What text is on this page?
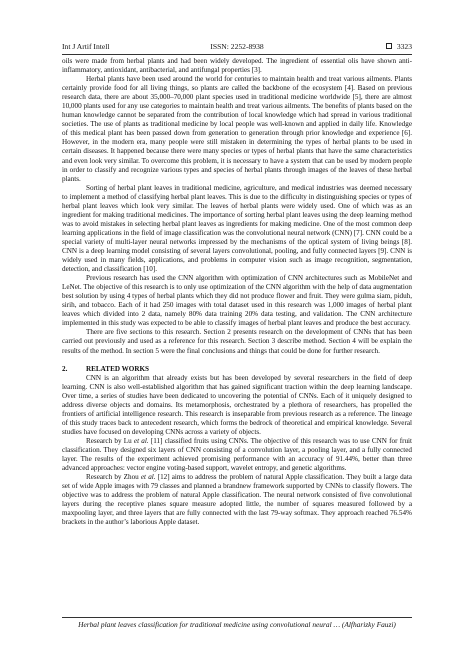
Int J Artif Intell	ISSN: 2252-8938	3323

oils were made from herbal plants and had been widely developed. The ingredient of essential olis have shown anti-inflammatory, antioxidant, antibacterial, and antifungal properties [3].

Herbal plants have been used around the world for centuries to maintain health and treat various ailments. Plants certainly provide food for all living things, so plants are called the backbone of the ecosystem [4]. Based on previous research data, there are about 35,000–70,000 plant species used in traditional medicine worldwide [5], there are almost 10,000 plants used for any use categories to maintain health and treat various ailments. The benefits of plants based on the human knowledge cannot be separated from the contribution of local knowledge which had spread in various traditional societies. The use of plants as traditional medicine by local people was well-known and applied in daily life. Knowledge of this medical plant has been passed down from generation to generation through prior knowledge and experience [6]. However, in the modern era, many people were still mistaken in determining the types of herbal plants to be used in certain diseases. It happened because there were many species or types of herbal plants that have the same characteristics and even look very similar. To overcome this problem, it is necessary to have a system that can be used by modern people in order to classify and recognize various types and species of herbal plants through images of the leaves of these herbal plants.

Sorting of herbal plant leaves in traditional medicine, agriculture, and medical industries was deemed necessary to implement a method of classifying herbal plant leaves. This is due to the difficulty in distinguishing species or types of herbal plant leaves which look very similar. The leaves of herbal plants were widely used. One of which was as an ingredient for making traditional medicines. The importance of sorting herbal plant leaves using the deep learning method was to avoid mistakes in selecting herbal plant leaves as ingredients for making medicine. One of the most common deep learning applications in the field of image classification was the convolutional neural network (CNN) [7]. CNN could be a special variety of multi-layer neural networks impressed by the mechanisms of the optical system of living beings [8]. CNN is a deep learning model consisting of several layers convolutional, pooling, and fully connected layers [9]. CNN is widely used in many fields, applications, and problems in computer vision such as image recognition, segmentation, detection, and classification [10].

Previous research has used the CNN algorithm with optimization of CNN architectures such as MobileNet and LeNet. The objective of this research is to only use optimization of the CNN algorithm with the help of data augmentation best solution by using 4 types of herbal plants which they did not produce flower and fruit. They were gulma siam, piduh, sirih, and tobacco. Each of it had 250 images with total dataset used in this research was 1,000 images of herbal plant leaves which divided into 2 data, namely 80% data training 20% data testing, and validation. The CNN architecture implemented in this study was expected to be able to classify images of herbal plant leaves and produce the best accuracy.

There are five sections to this research. Section 2 presents research on the development of CNNs that has been carried out previously and used as a reference for this research. Section 3 describe method. Section 4 will be explain the results of the method. In section 5 were the final conclusions and things that could be done for further research.

2.	RELATED WORKS

CNN is an algorithm that already exists but has been developed by several researchers in the field of deep learning. CNN is also well-established algorithm that has gained significant traction within the deep learning landscape. Over time, a series of studies have been dedicated to uncovering the potential of CNNs. Each of it uniquely designed to address diverse objects and domains. Its metamorphosis, orchestrated by a plethora of researchers, has propelled the frontiers of artificial intelligence research. This research is inseparable from previous research as a reference. The lineage of this study traces back to antecedent research, which forms the bedrock of theoretical and empirical knowledge. Several studies have focused on developing CNNs across a variety of objects.

Research by Lu et al. [11] classified fruits using CNNs. The objective of this research was to use CNN for fruit classification. They designed six layers of CNN consisting of a convolution layer, a pooling layer, and a fully connected layer. The results of the experiment achieved promising performance with an accuracy of 91.44%, better than three advanced approaches: vector engine voting-based support, wavelet entropy, and genetic algorithms.

Research by Zhou et al. [12] aims to address the problem of natural Apple classification. They built a large data set of wide Apple images with 79 classes and planned a brandnew framework supported by CNNs to classify flowers. The objective was to address the problem of natural Apple classification. The neural network consisted of five convolutional layers during the receptive planes square measure adopted little, the number of squares measured followed by a maxpooling layer, and three layers that are fully connected with the last 79-way softmax. They approach reached 76.54% brackets in the author’s laborious Apple dataset.

Herbal plant leaves classification for traditional medicine using convolutional neural … (Alfharizky Fauzi)
